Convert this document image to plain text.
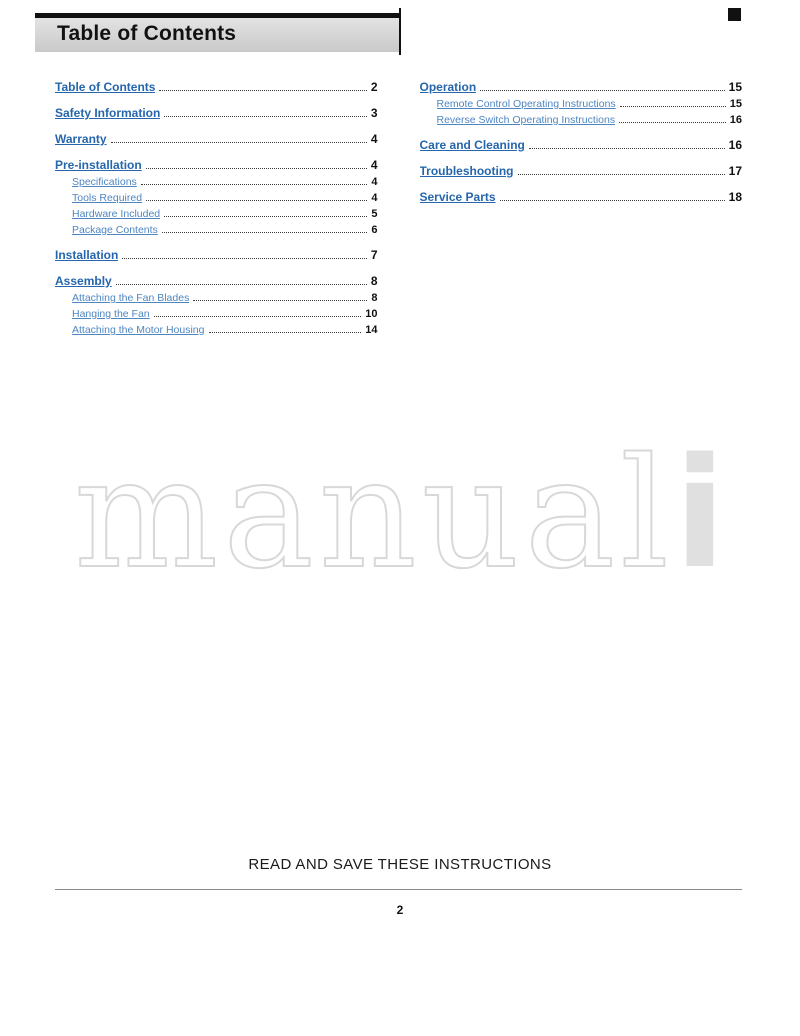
Table of Contents
Table of Contents	2
Safety Information	3
Warranty	4
Pre-installation	4
Specifications	4
Tools Required	4
Hardware Included	5
Package Contents	6
Installation	7
Assembly	8
Attaching the Fan Blades	8
Hanging the Fan	10
Attaching the Motor Housing	14
Operation	15
Remote Control Operating Instructions	15
Reverse Switch Operating Instructions	16
Care and Cleaning	16
Troubleshooting	17
Service Parts	18
manuali
READ AND SAVE THESE INSTRUCTIONS
2
